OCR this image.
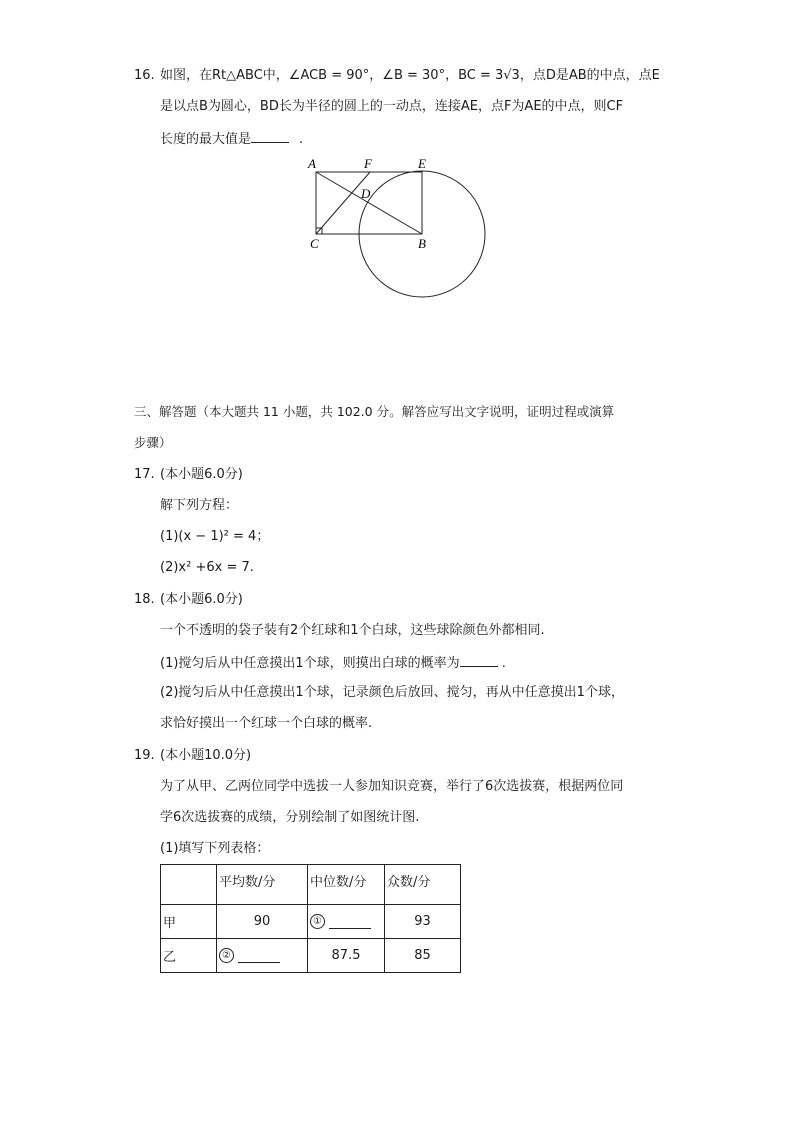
16. 如图，在Rt△ABC中，∠ACB = 90°，∠B = 30°，BC = 3√3，点D是AB的中点，点E
是以点B为圆心，BD长为半径的圆上的一动点，连接AE，点F为AE的中点，则CF
长度的最大值是	.
A	F	E
D
C	B
三、解答题（本大题共 11 小题，共 102.0 分。解答应写出文字说明，证明过程或演算
步骤）
17. (本小题6.0分)
解下列方程：
(1)(x − 1)² = 4；
(2)x² +6x = 7.
18. (本小题6.0分)
一个不透明的袋子装有2个红球和1个白球，这些球除颜色外都相同.
(1)搅匀后从中任意摸出1个球，则摸出白球的概率为	.
(2)搅匀后从中任意摸出1个球，记录颜色后放回、搅匀，再从中任意摸出1个球，
求恰好摸出一个红球一个白球的概率.
19. (本小题10.0分)
为了从甲、乙两位同学中选拔一人参加知识竞赛，举行了6次选拔赛，根据两位同
学6次选拔赛的成绩，分别绘制了如图统计图.
(1)填写下列表格：
	平均数/分	中位数/分	众数/分
甲	90	①	93
乙	②	87.5	85
